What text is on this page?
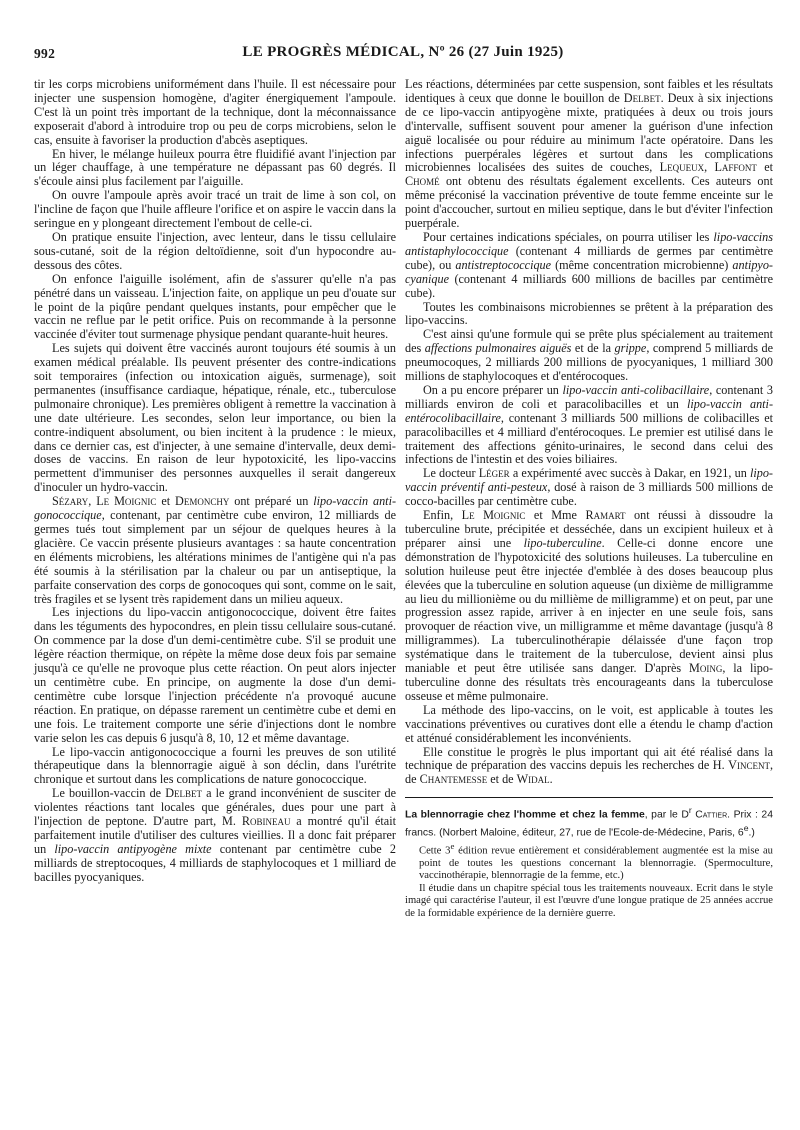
992	LE PROGRÈS MÉDICAL, Nº 26 (27 Juin 1925)

tir les corps microbiens uniformément dans l'huile. Il est nécessaire pour injecter une suspension homogène, d'agiter énergiquement l'ampoule. C'est là un point très important de la technique, dont la méconnaissance exposerait d'abord à introduire trop ou peu de corps microbiens, selon le cas, ensuite à favoriser la production d'abcès aseptiques.

En hiver, le mélange huileux pourra être fluidifié avant l'injection par un léger chauffage, à une température ne dépassant pas 60 degrés. Il s'écoule ainsi plus facilement par l'aiguille.

On ouvre l'ampoule après avoir tracé un trait de lime à son col, on l'incline de façon que l'huile affleure l'orifice et on aspire le vaccin dans la seringue en y plongeant directement l'embout de celle-ci.

On pratique ensuite l'injection, avec lenteur, dans le tissu cellulaire sous-cutané, soit de la région deltoïdienne, soit d'un hypocondre au-dessous des côtes.

On enfonce l'aiguille isolément, afin de s'assurer qu'elle n'a pas pénétré dans un vaisseau. L'injection faite, on applique un peu d'ouate sur le point de la piqûre pendant quelques instants, pour empêcher que le vaccin ne reflue par le petit orifice. Puis on recommande à la personne vaccinée d'éviter tout surmenage physique pendant quarante-huit heures.

Les sujets qui doivent être vaccinés auront toujours été soumis à un examen médical préalable. Ils peuvent présenter des contre-indications soit temporaires (infection ou intoxication aiguës, surmenage), soit permanentes (insuffisance cardiaque, hépatique, rénale, etc., tuberculose pulmonaire chronique). Les premières obligent à remettre la vaccination à une date ultérieure. Les secondes, selon leur importance, ou bien la contre-indiquent absolument, ou bien incitent à la prudence : le mieux, dans ce dernier cas, est d'injecter, à une semaine d'intervalle, deux demi-doses de vaccins. En raison de leur hypotoxicité, les lipo-vaccins permettent d'immuniser des personnes auxquelles il serait dangereux d'inoculer un hydro-vaccin.

Sézary, Le Moignic et Demonchy ont préparé un lipo-vaccin anti-gonococcique, contenant, par centimètre cube environ, 12 milliards de germes tués tout simplement par un séjour de quelques heures à la glacière. Ce vaccin présente plusieurs avantages : sa haute concentration en éléments microbiens, les altérations minimes de l'antigène qui n'a pas été soumis à la stérilisation par la chaleur ou par un antiseptique, la parfaite conservation des corps de gonocoques qui sont, comme on le sait, très fragiles et se lysent très rapidement dans un milieu aqueux.

Les injections du lipo-vaccin antigonococcique, doivent être faites dans les téguments des hypocondres, en plein tissu cellulaire sous-cutané. On commence par la dose d'un demi-centimètre cube. S'il se produit une légère réaction thermique, on répète la même dose deux fois par semaine jusqu'à ce qu'elle ne provoque plus cette réaction. On peut alors injecter un centimètre cube. En principe, on augmente la dose d'un demi-centimètre cube lorsque l'injection précédente n'a provoqué aucune réaction. En pratique, on dépasse rarement un centimètre cube et demi en une fois. Le traitement comporte une série d'injections dont le nombre varie selon les cas depuis 6 jusqu'à 8, 10, 12 et même davantage.

Le lipo-vaccin antigonococcique a fourni les preuves de son utilité thérapeutique dans la blennorragie aiguë à son déclin, dans l'urétrite chronique et surtout dans les complications de nature gonococcique.

Le bouillon-vaccin de Delbet a le grand inconvénient de susciter de violentes réactions tant locales que générales, dues pour une part à l'injection de peptone. D'autre part, M. Robineau a montré qu'il était parfaitement inutile d'utiliser des cultures vieillies. Il a donc fait préparer un lipo-vaccin antipyogène mixte contenant par centimètre cube 2 milliards de streptocoques, 4 milliards de staphylocoques et 1 milliard de bacilles pyocyaniques.

Les réactions, déterminées par cette suspension, sont faibles et les résultats identiques à ceux que donne le bouillon de Delbet. Deux à six injections de ce lipo-vaccin antipyogène mixte, pratiquées à deux ou trois jours d'intervalle, suffisent souvent pour amener la guérison d'une infection aiguë localisée ou pour réduire au minimum l'acte opératoire. Dans les infections puerpérales légères et surtout dans les complications microbiennes localisées des suites de couches, Lequeux, Laffont et Chomé ont obtenu des résultats également excellents. Ces auteurs ont même préconisé la vaccination préventive de toute femme enceinte sur le point d'accoucher, surtout en milieu septique, dans le but d'éviter l'infection puerpérale.

Pour certaines indications spéciales, on pourra utiliser les lipo-vaccins antistaphylococcique (contenant 4 milliards de germes par centimètre cube), ou antistreptococcique (même concentration microbienne) antipyo-cyanique (contenant 4 milliards 600 millions de bacilles par centimètre cube).

Toutes les combinaisons microbiennes se prêtent à la préparation des lipo-vaccins.

C'est ainsi qu'une formule qui se prête plus spécialement au traitement des affections pulmonaires aiguës et de la grippe, comprend 5 milliards de pneumocoques, 2 milliards 200 millions de pyocyaniques, 1 milliard 300 millions de staphylocoques et d'entérocoques.

On a pu encore préparer un lipo-vaccin anti-colibacillaire, contenant 3 milliards environ de coli et paracolibacilles et un lipo-vaccin anti-entérocolibacillaire, contenant 3 milliards 500 millions de colibacilles et paracolibacilles et 4 milliard d'entérocoques. Le premier est utilisé dans le traitement des affections génito-urinaires, le second dans celui des infections de l'intestin et des voies biliaires.

Le docteur Léger a expérimenté avec succès à Dakar, en 1921, un lipo-vaccin préventif anti-pesteux, dosé à raison de 3 milliards 500 millions de cocco-bacilles par centimètre cube.

Enfin, Le Moignic et Mme Ramart ont réussi à dissoudre la tuberculine brute, précipitée et desséchée, dans un excipient huileux et à préparer ainsi une lipo-tuberculine. Celle-ci donne encore une démonstration de l'hypotoxicité des solutions huileuses. La tuberculine en solution huileuse peut être injectée d'emblée à des doses beaucoup plus élevées que la tuberculine en solution aqueuse (un dixième de milligramme au lieu du millionième ou du millième de milligramme) et on peut, par une progression assez rapide, arriver à en injecter en une seule fois, sans provoquer de réaction vive, un milligramme et même davantage (jusqu'à 8 milligrammes). La tuberculinothérapie délaissée d'une façon trop systématique dans le traitement de la tuberculose, devient ainsi plus maniable et peut être utilisée sans danger. D'après Moing, la lipo-tuberculine donne des résultats très encourageants dans la tuberculose osseuse et même pulmonaire.

La méthode des lipo-vaccins, on le voit, est applicable à toutes les vaccinations préventives ou curatives dont elle a étendu le champ d'action et atténué considérablement les inconvénients.

Elle constitue le progrès le plus important qui ait été réalisé dans la technique de préparation des vaccins depuis les recherches de H. Vincent, de Chantemesse et de Widal.

La blennorragie chez l'homme et chez la femme, par le $D^r$ Cattier. Prix : 24 francs. (Norbert Maloine, éditeur, 27, rue de l'Ecole-de-Médecine, Paris, 6e.)

Cette 3e édition revue entièrement et considérablement augmentée est la mise au point de toutes les questions concernant la blennorragie. (Spermoculture, vaccinothérapie, blennorragie de la femme, etc.)

Il étudie dans un chapitre spécial tous les traitements nouveaux. Ecrit dans le style imagé qui caractérise l'auteur, il est l'œuvre d'une longue pratique de 25 années accrue de la formidable expérience de la dernière guerre.
